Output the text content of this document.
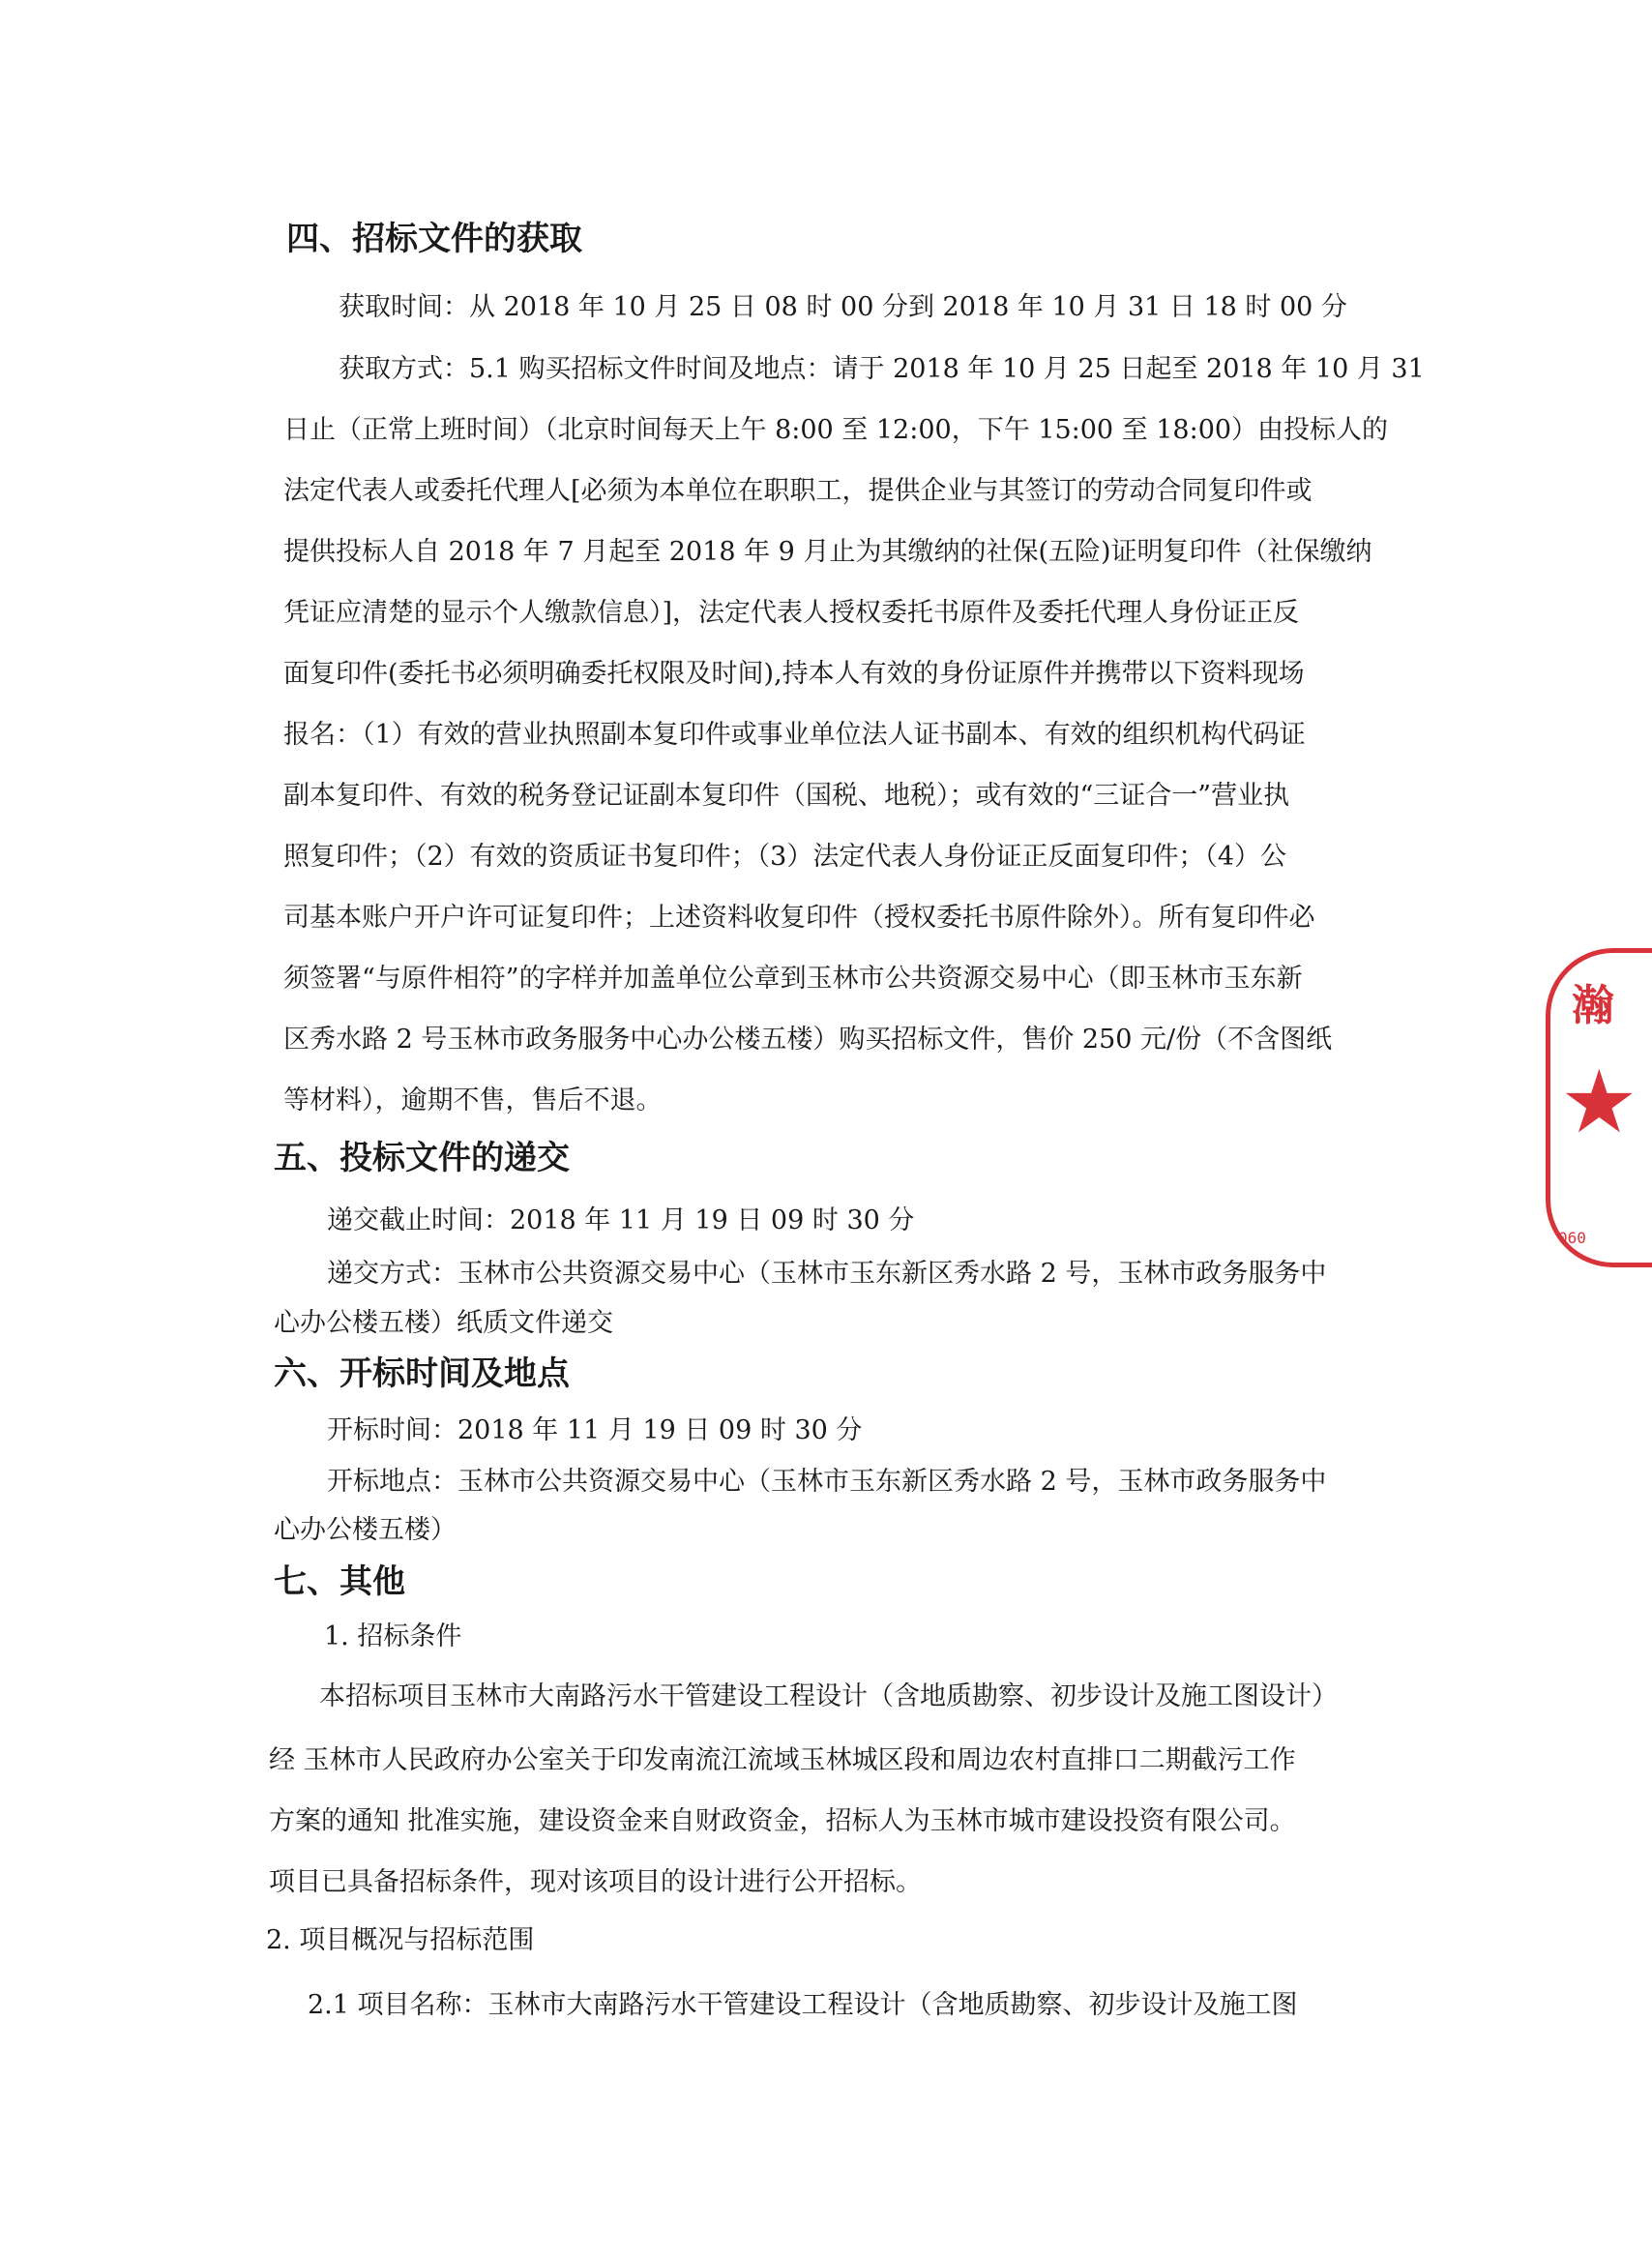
四、招标文件的获取
获取时间：从 2018 年 10 月 25 日 08 时 00 分到 2018 年 10 月 31 日 18 时 00 分
获取方式：5.1 购买招标文件时间及地点：请于 2018 年 10 月 25 日起至 2018 年 10 月 31
日止（正常上班时间）（北京时间每天上午 8:00 至 12:00，下午 15:00 至 18:00）由投标人的
法定代表人或委托代理人[必须为本单位在职职工，提供企业与其签订的劳动合同复印件或
提供投标人自 2018 年 7 月起至 2018 年 9 月止为其缴纳的社保(五险)证明复印件（社保缴纳
凭证应清楚的显示个人缴款信息）]，法定代表人授权委托书原件及委托代理人身份证正反
面复印件(委托书必须明确委托权限及时间),持本人有效的身份证原件并携带以下资料现场
报名：（1）有效的营业执照副本复印件或事业单位法人证书副本、有效的组织机构代码证
副本复印件、有效的税务登记证副本复印件（国税、地税）；或有效的“三证合一”营业执
照复印件；（2）有效的资质证书复印件；（3）法定代表人身份证正反面复印件；（4）公
司基本账户开户许可证复印件；上述资料收复印件（授权委托书原件除外）。所有复印件必
须签署“与原件相符”的字样并加盖单位公章到玉林市公共资源交易中心（即玉林市玉东新
区秀水路 2 号玉林市政务服务中心办公楼五楼）购买招标文件，售价 250 元/份（不含图纸
等材料），逾期不售，售后不退。
五、投标文件的递交
递交截止时间：2018 年 11 月 19 日 09 时 30 分
递交方式：玉林市公共资源交易中心（玉林市玉东新区秀水路 2 号，玉林市政务服务中
心办公楼五楼）纸质文件递交
六、开标时间及地点
开标时间：2018 年 11 月 19 日 09 时 30 分
开标地点：玉林市公共资源交易中心（玉林市玉东新区秀水路 2 号，玉林市政务服务中
心办公楼五楼）
七、其他
1. 招标条件
本招标项目玉林市大南路污水干管建设工程设计（含地质勘察、初步设计及施工图设计）
经 玉林市人民政府办公室关于印发南流江流域玉林城区段和周边农村直排口二期截污工作
方案的通知 批准实施，建设资金来自财政资金，招标人为玉林市城市建设投资有限公司。
项目已具备招标条件，现对该项目的设计进行公开招标。
2. 项目概况与招标范围
2.1 项目名称：玉林市大南路污水干管建设工程设计（含地质勘察、初步设计及施工图
瀚
★
060
